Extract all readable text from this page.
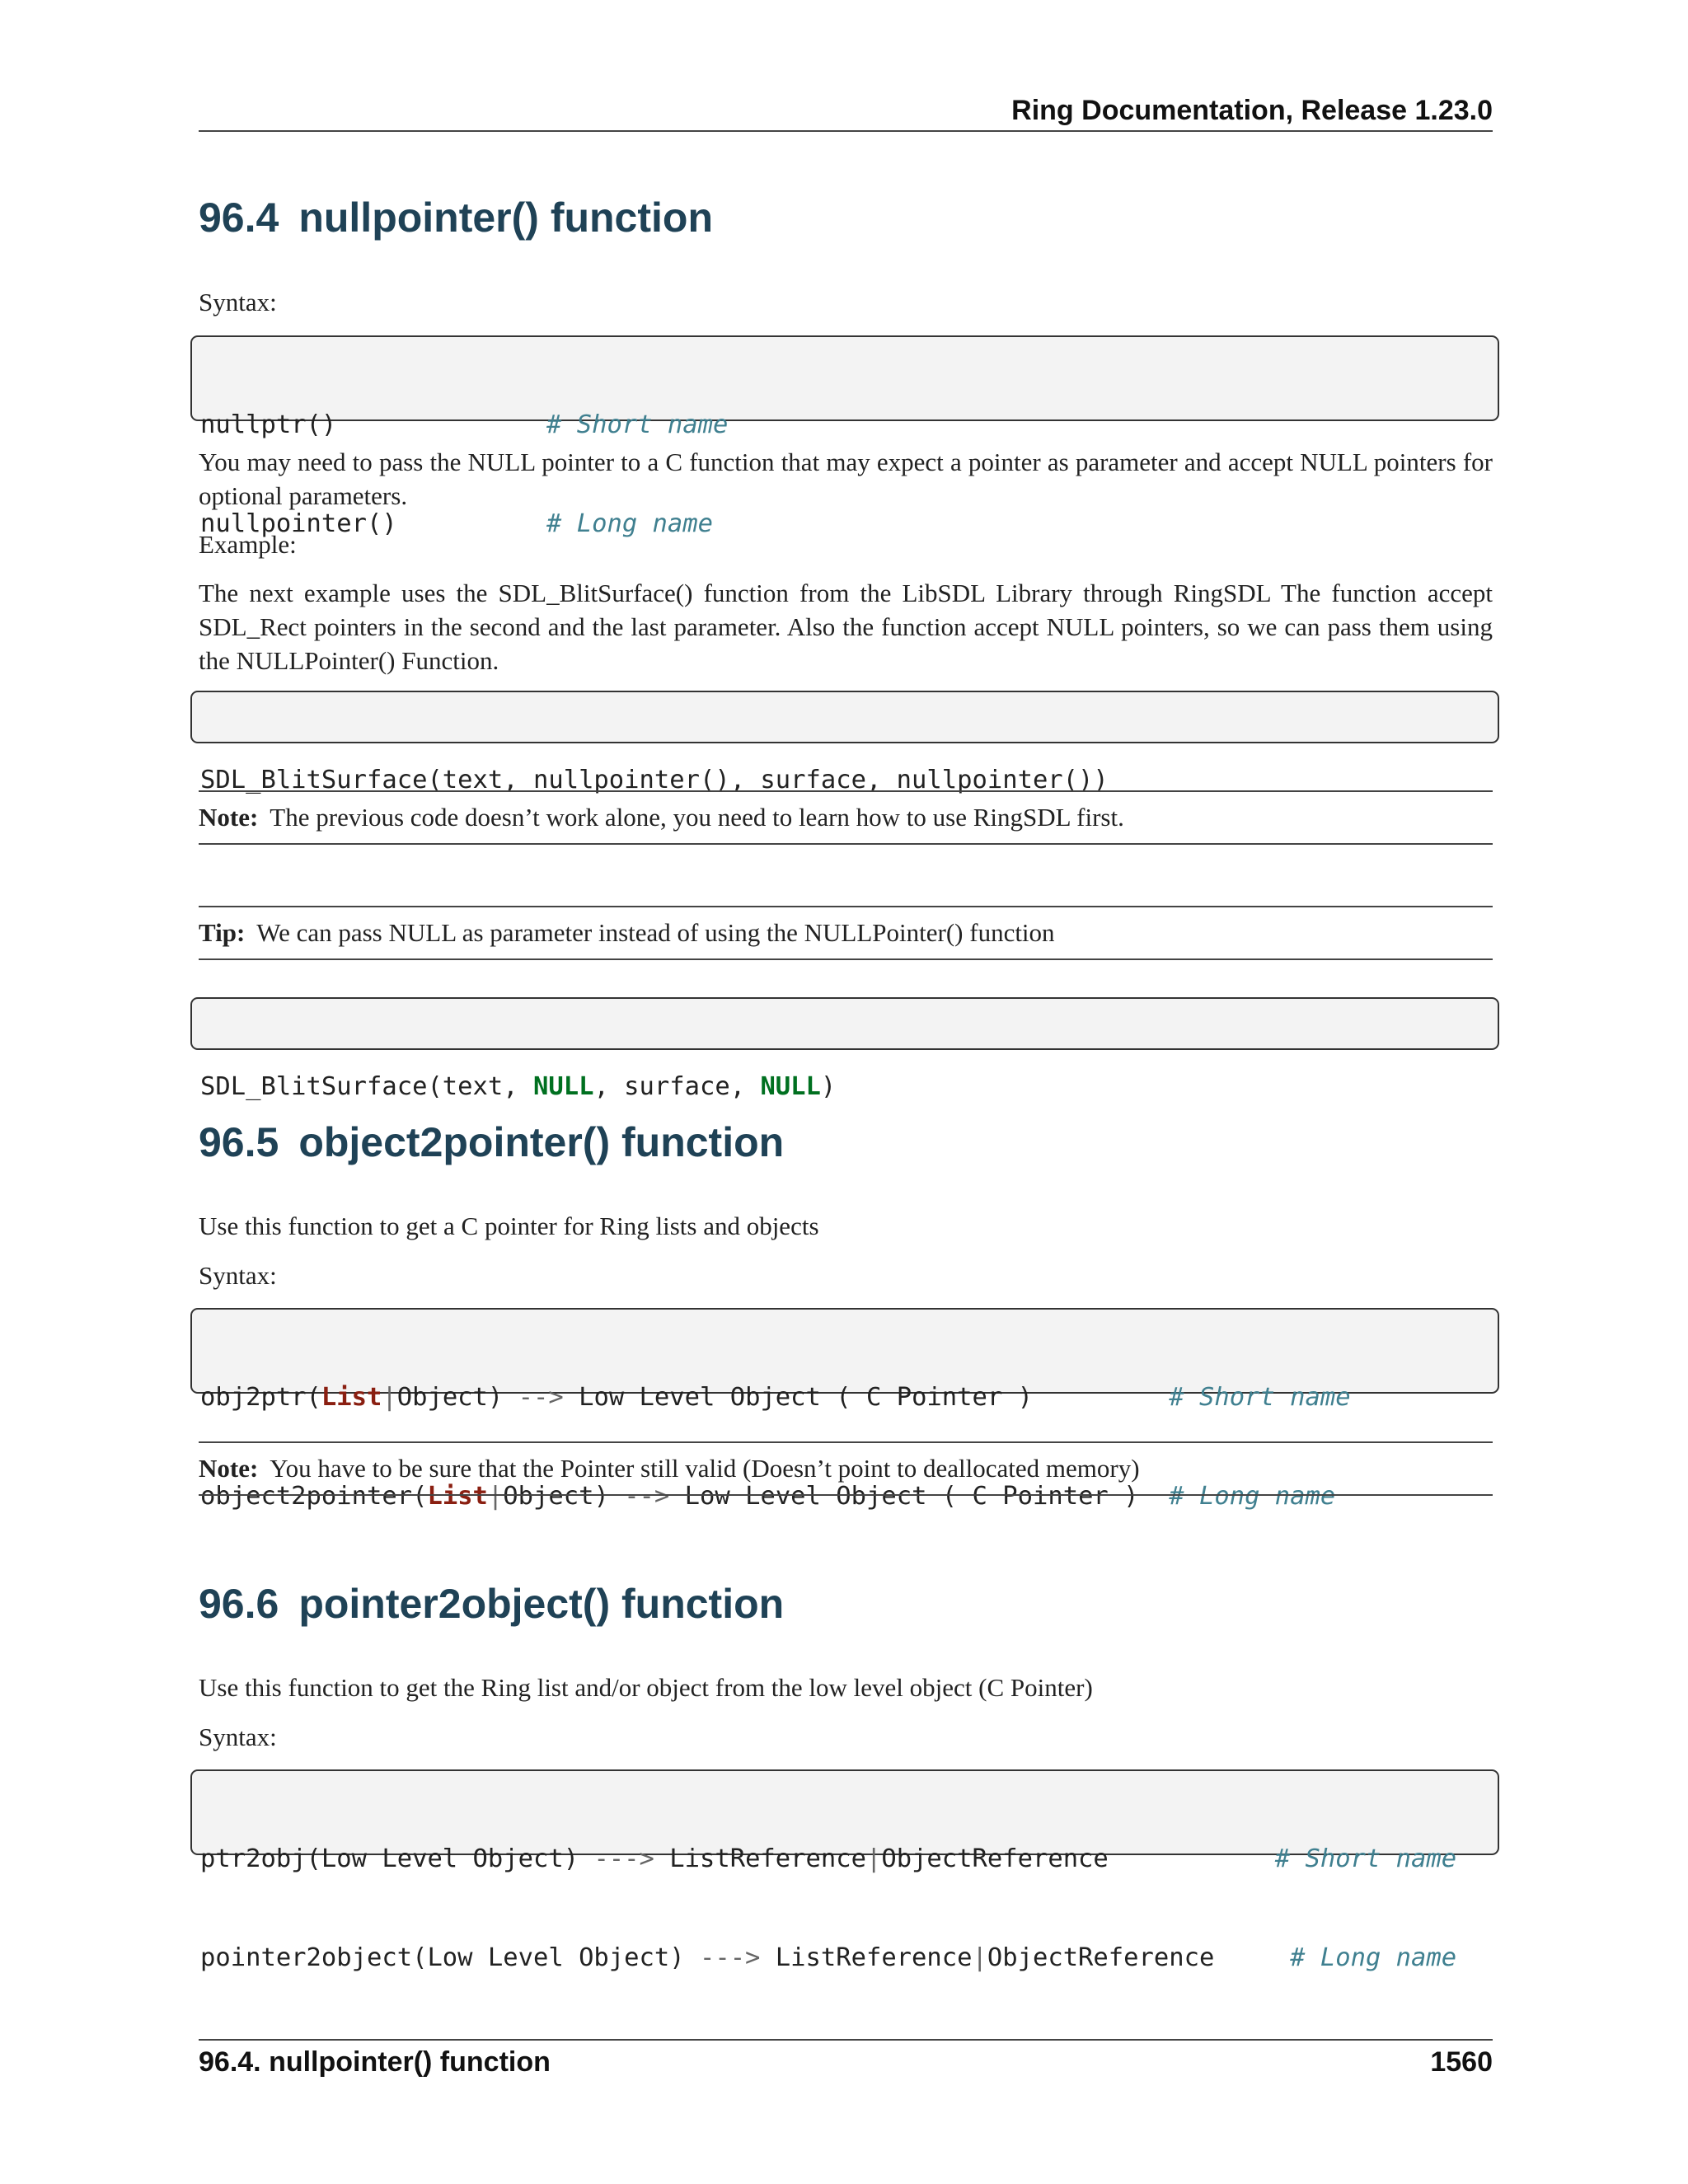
Ring Documentation, Release 1.23.0
96.4 nullpointer() function

Syntax:

nullptr()	# Short name

nullpointer()	# Long name

You may need to pass the NULL pointer to a C function that may expect a pointer as parameter and accept NULL pointers for optional parameters.

Example:

The next example uses the SDL_BlitSurface() function from the LibSDL Library through RingSDL The function accept SDL_Rect pointers in the second and the last parameter. Also the function accept NULL pointers, so we can pass them using the NULLPointer() Function.

SDL_BlitSurface(text, nullpointer(), surface, nullpointer())

Note: The previous code doesn’t work alone, you need to learn how to use RingSDL first.

Tip: We can pass NULL as parameter instead of using the NULLPointer() function

SDL_BlitSurface(text, NULL , surface, NULL )

96.5 object2pointer() function

Use this function to get a C pointer for Ring lists and objects

Syntax:

obj2ptr( List | Object) --> Low Level Object ( C Pointer ) # Short name

object2pointer( List | Object) --> Low Level Object ( C Pointer ) # Long name

Note: You have to be sure that the Pointer still valid (Doesn’t point to deallocated memory)

96.6 pointer2object() function

Use this function to get the Ring list and/or object from the low level object (C Pointer)

Syntax:

ptr2obj(Low Level Object) ---> ListReference | ObjectReference # Short name

pointer2object(Low Level Object) ---> ListReference | ObjectReference # Long name

96.4. nullpointer() function	1560
